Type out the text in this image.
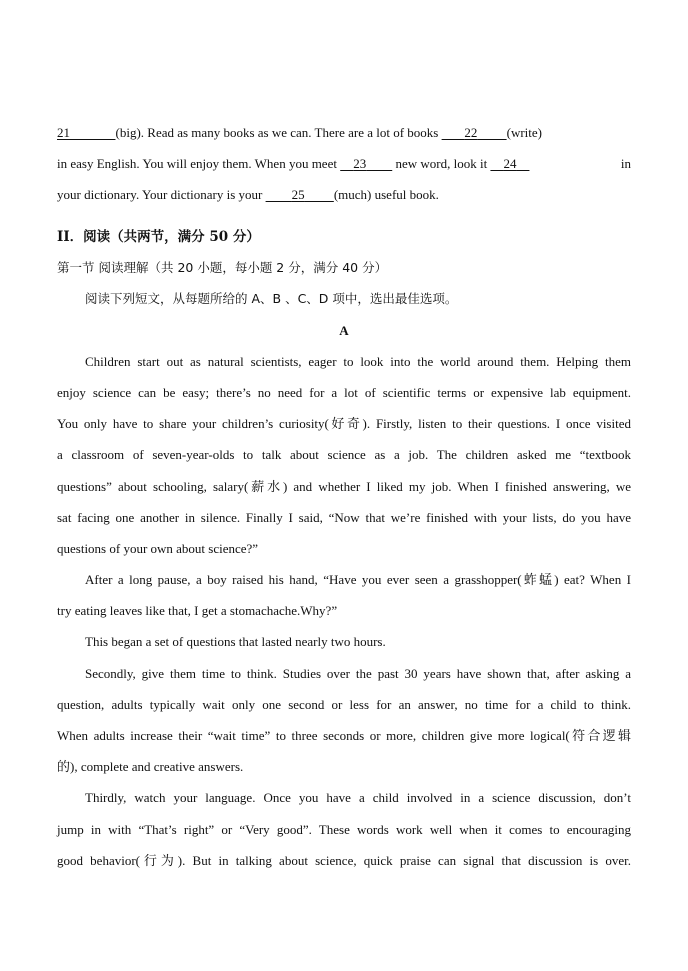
21	(big). Read as many books as we can. There are a lot of books 22 (write)
in easy English. You will enjoy them. When you meet 23 new word, look it 24	in
your dictionary. Your dictionary is your 25 (much) useful book.
II．阅读（共两节，满分 50 分）
第一节 阅读理解（共 20 小题，每小题 2 分，满分 40 分）
阅读下列短文，从每题所给的 A、B 、C、D 项中，选出最佳选项。
A
Children start out as natural scientists, eager to look into the world around them. Helping them
enjoy science can be easy; there’s no need for a lot of scientific terms or expensive lab equipment.
You only have to share your children’s curiosity(好奇). Firstly, listen to their questions. I once visited
a classroom of seven-year-olds to talk about science as a job. The children asked me “textbook
questions” about schooling, salary(薪水) and whether I liked my job. When I finished answering, we
sat facing one another in silence. Finally I said, “Now that we’re finished with your lists, do you have
questions of your own about science?”
After a long pause, a boy raised his hand, “Have you ever seen a grasshopper(蚱蜢) eat? When I
try eating leaves like that, I get a stomachache.Why?”
This began a set of questions that lasted nearly two hours.
Secondly, give them time to think. Studies over the past 30 years have shown that, after asking a
question, adults typically wait only one second or less for an answer, no time for a child to think.
When adults increase their “wait time” to three seconds or more, children give more logical(符合逻辑
的), complete and creative answers.
Thirdly, watch your language. Once you have a child involved in a science discussion, don’t
jump in with “That’s right” or “Very good”. These words work well when it comes to encouraging
good behavior(行为). But in talking about science, quick praise can signal that discussion is over.
